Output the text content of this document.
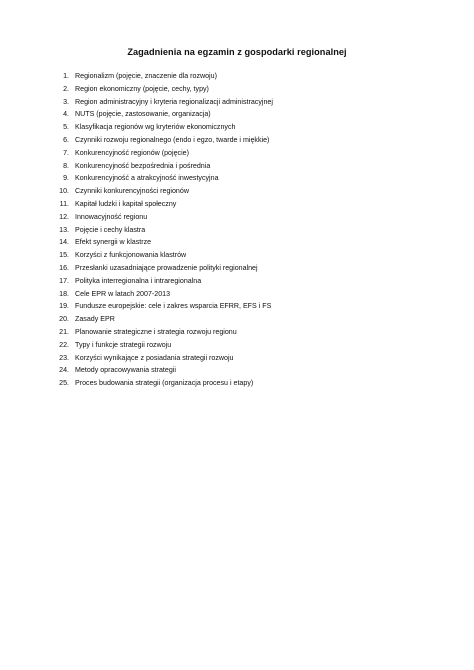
Zagadnienia na egzamin z gospodarki regionalnej
1. Regionalizm (pojęcie, znaczenie dla rozwoju)
2. Region ekonomiczny (pojęcie, cechy, typy)
3. Region administracyjny i kryteria regionalizacji administracyjnej
4. NUTS (pojęcie, zastosowanie, organizacja)
5. Klasyfikacja regionów wg kryteriów ekonomicznych
6. Czynniki rozwoju regionalnego (endo i egzo, twarde i miękkie)
7. Konkurencyjność regionów (pojęcie)
8. Konkurencyjność bezpośrednia i pośrednia
9. Konkurencyjność a atrakcyjność inwestycyjna
10. Czynniki konkurencyjności regionów
11. Kapitał ludzki i kapitał społeczny
12. Innowacyjność regionu
13. Pojęcie i cechy klastra
14. Efekt synergii w klastrze
15. Korzyści z funkcjonowania klastrów
16. Przesłanki uzasadniające prowadzenie polityki regionalnej
17. Polityka interregionalna i intraregionalna
18. Cele EPR w latach 2007-2013
19. Fundusze europejskie: cele i zakres wsparcia EFRR, EFS i FS
20. Zasady EPR
21. Planowanie strategiczne i strategia rozwoju regionu
22. Typy i funkcje strategii rozwoju
23. Korzyści wynikające z posiadania strategii rozwoju
24. Metody opracowywania strategii
25. Proces budowania strategii (organizacja procesu i etapy)
